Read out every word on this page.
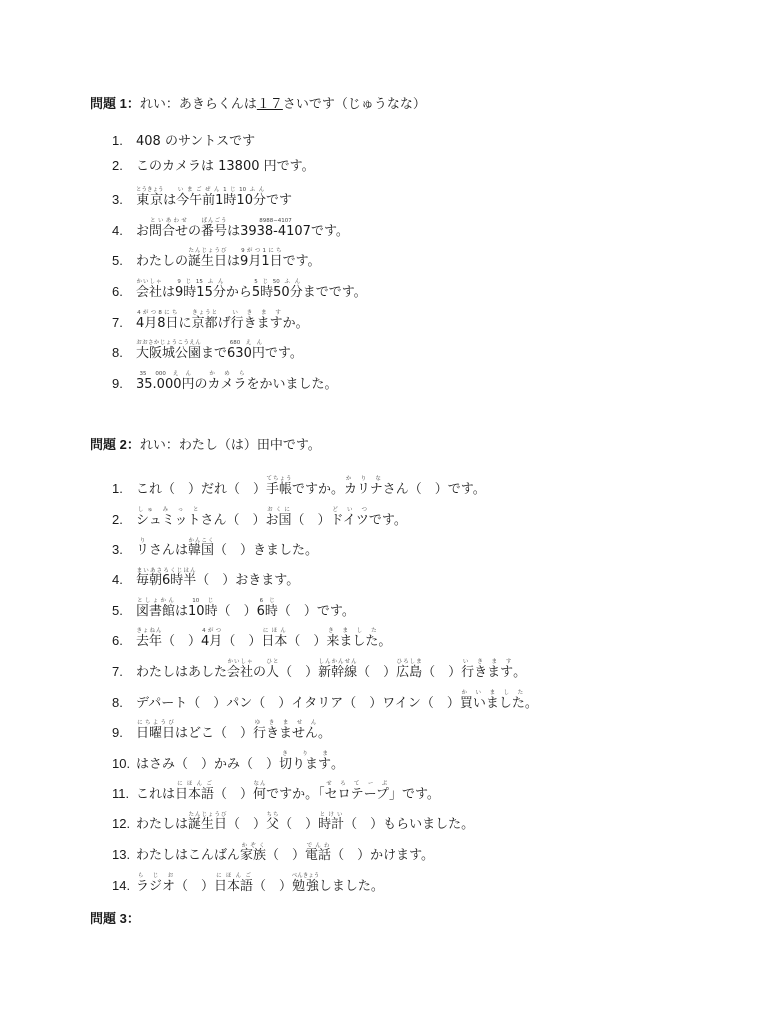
問題 1：れい：あきらくんは１７さいです（じゅうなな）
1. 408 のサントスです
2. このカメラは 13800 円です。
3. 東京とうきょうは今午前1時10分いまごぜん1じ10ふんです
4. お問合せといあわせの番号ばんごうは3938-41078988−4107です。
5. わたしの誕生日たんじょうびは9月1日9がつ1にちです。
6. 会社かいしゃは9時15分9じ15ふんから5時50分5じ50ふんまでです。
7. 4月8日4がつ8にちに京都きょうとげ行きますい き ま すか。
8. 大阪城公園おおさかじょうこうえんまで630円680えんです。
9. 35.000円35 000えんのカメラか め らをかいました。
問題 2：れい：わたし（は）田中です。
1. これ（　）だれ（　）手帳てちょうですか。カリナか り なさん（　）です。
2. シュミットしゅ み っ とさん（　）お国おくに（　）ドイツど い つです。
3. リりさんは韓国かんこく（　）きました。
4. 毎朝6時半まいあさろくじはん（　）おきます。
5. 図書館としょかんは10時10じ（　）6時6じ（　）です。
6. 去年きょねん（　）4月4がつ（　）日本にほん（　）来ましたき ま し た。
7. わたしはあした会社かいしゃの人ひと（　）新幹線しんかんせん（　）広島ひろしま（　）行きますい き ま す。
8. デパート（　）パン（　）イタリア（　）ワイン（　）買いましたか い ま し た。
9. 日曜日にちようびはどこ（　）行きませんゆ き ま せ ん。
10. はさみ（　）かみ（　）切りますき り ま。
11. これは日本語にほんご（　）何なんですか。「セロテープせ ろ て ー ぷ」です。
12. わたしは誕生日たんじょうび（　）父ちち（　）時計とけい（　）もらいました。
13. わたしはこんばん家族かぞく（　）電話でんわ（　）かけます。
14. ラジオら じ お（　）日本語にほんご（　）勉強べんきょうしました。
問題 3：
